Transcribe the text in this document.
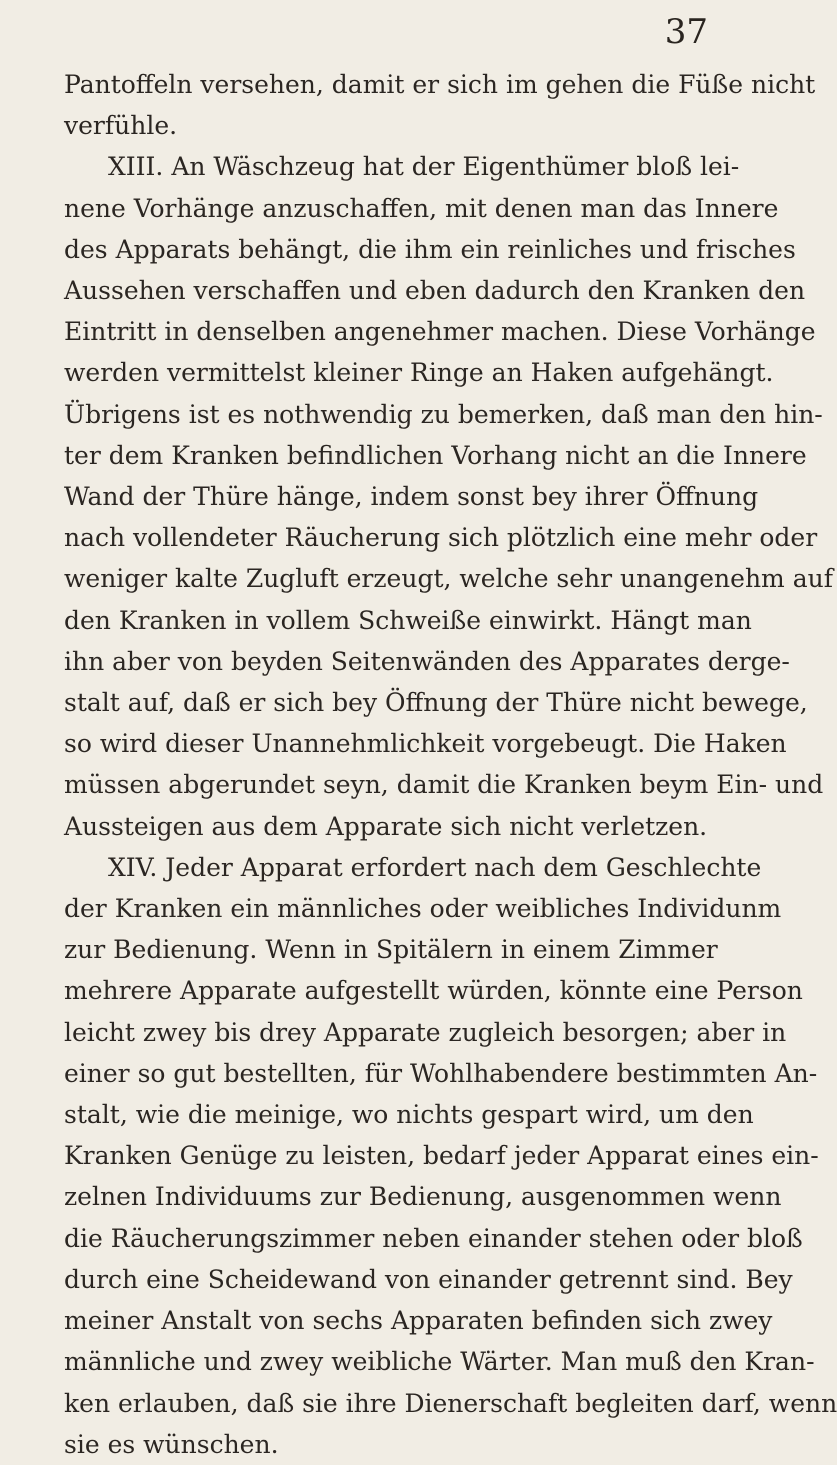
37
Pantoffeln versehen, damit er sich im gehen die Füße nicht
verfühle.
XIII. An Wäschzeug hat der Eigenthümer bloß lei-
nene Vorhänge anzuschaffen, mit denen man das Innere
des Apparats behängt, die ihm ein reinliches und frisches
Aussehen verschaffen und eben dadurch den Kranken den
Eintritt in denselben angenehmer machen. Diese Vorhänge
werden vermittelst kleiner Ringe an Haken aufgehängt.
Übrigens ist es nothwendig zu bemerken, daß man den hin-
ter dem Kranken befindlichen Vorhang nicht an die Innere
Wand der Thüre hänge, indem sonst bey ihrer Öffnung
nach vollendeter Räucherung sich plötzlich eine mehr oder
weniger kalte Zugluft erzeugt, welche sehr unangenehm auf
den Kranken in vollem Schweiße einwirkt. Hängt man
ihn aber von beyden Seitenwänden des Apparates derge-
stalt auf, daß er sich bey Öffnung der Thüre nicht bewege,
so wird dieser Unannehmlichkeit vorgebeugt. Die Haken
müssen abgerundet seyn, damit die Kranken beym Ein- und
Aussteigen aus dem Apparate sich nicht verletzen.
XIV. Jeder Apparat erfordert nach dem Geschlechte
der Kranken ein männliches oder weibliches Individunm
zur Bedienung. Wenn in Spitälern in einem Zimmer
mehrere Apparate aufgestellt würden, könnte eine Person
leicht zwey bis drey Apparate zugleich besorgen; aber in
einer so gut bestellten, für Wohlhabendere bestimmten An-
stalt, wie die meinige, wo nichts gespart wird, um den
Kranken Genüge zu leisten, bedarf jeder Apparat eines ein-
zelnen Individuums zur Bedienung, ausgenommen wenn
die Räucherungszimmer neben einander stehen oder bloß
durch eine Scheidewand von einander getrennt sind. Bey
meiner Anstalt von sechs Apparaten befinden sich zwey
männliche und zwey weibliche Wärter. Man muß den Kran-
ken erlauben, daß sie ihre Dienerschaft begleiten darf, wenn
sie es wünschen.
